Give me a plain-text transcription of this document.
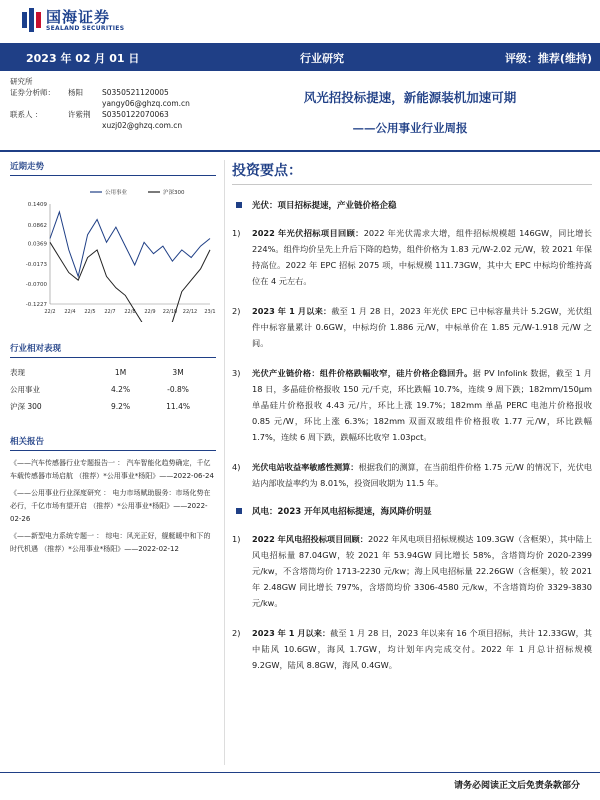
国海证券
SEALAND SECURITIES
2023 年 02 月 01 日	行业研究	评级：推荐(维持)
研究所
证券分析师：	杨阳	S0350521120005
yangy06@ghzq.com.cn
联系人 ：	许紫荆	S0350122070063
xuzj02@ghzq.com.cn
风光招投标提速，新能源装机加速可期
——公用事业行业周报
近期走势
0.1409
0.0862
0.0369
-0.0173
-0.0700
-0.1227
22/2 22/4 22/5 22/7 22/8 22/9 22/10 22/12 23/1
公用事业	沪深300
行业相对表现
表现	1M	3M
公用事业	4.2%	-0.8%
沪深 300	9.2%	11.4%
相关报告
《——汽车传感器行业专题报告一 ： 汽车智能化趋势确定，千亿车载传感器市场启航 （推荐）*公用事业*杨阳》——2022-06-24
《——公用事业行业深度研究 ： 电力市场赋助服务：市场化势在必行，千亿市场有望开启 （推荐）*公用事业*杨阳》——2022-02-26
《——新型电力系统专题一 ： 综电：风光正好，舰艇暖中和下的时代机遇 （推荐）*公用事业*杨阳》——2022-02-12
投资要点：
光伏：项目招标提速，产业链价格企稳
1)	2022 年光伏招标项目回顾：2022 年光伏需求大增，组件招标规模超 146GW，同比增长 224%。组件均价呈先上升后下降的趋势，组件价格为 1.83 元/W-2.02 元/W，较 2021 年保持高位。2022 年 EPC 招标 2075 项，中标规模 111.73GW，其中大 EPC 中标均价维持高位在 4 元左右。
2)	2023 年 1 月以来：截至 1 月 28 日，2023 年光伏 EPC 已中标容量共计 5.2GW，光伏组件中标容量累计 0.6GW，中标均价 1.886 元/W，中标单价在 1.85 元/W-1.918 元/W 之间。
3)	光伏产业链价格：组件价格跌幅收窄，硅片价格企稳回升。据 PV Infolink 数据，截至 1 月 18 日，多晶硅价格报收 150 元/千克，环比跌幅 10.7%，连续 9 周下跌；182mm/150μm 单晶硅片价格报收 4.43 元/片，环比上涨 19.7%；182mm 单晶 PERC 电池片价格报收 0.85 元/W，环比上涨 6.3%；182mm 双面双玻组件价格报收 1.77 元/W，环比跌幅 1.7%，连续 6 周下跌，跌幅环比收窄 1.03pct。
4)	光伏电站收益率敏感性测算：根据我们的测算，在当前组件价格 1.75 元/W 的情况下，光伏电站内部收益率约为 8.01%，投资回收期为 11.5 年。
风电：2023 开年风电招标提速，海风降价明显
1)	2022 年风电招投标项目回顾：2022 年风电项目招标规模达 109.3GW（含框架），其中陆上风电招标量 87.04GW，较 2021 年 53.94GW 同比增长 58%，含塔筒均价 2020-2399 元/kw，不含塔筒均价 1713-2230 元/kw；海上风电招标量 22.26GW（含框架），较 2021 年 2.48GW 同比增长 797%，含塔筒均价 3306-4580 元/kw，不含塔筒均价 3329-3830 元/kw。
2)	2023 年 1 月以来：截至 1 月 28 日，2023 年以来有 16 个项目招标，共计 12.33GW，其中陆风 10.6GW，海风 1.7GW，均计划年内完成交付。2022 年 1 月总计招标规模 9.2GW，陆风 8.8GW，海风 0.4GW。
请务必阅读正文后免责条款部分
